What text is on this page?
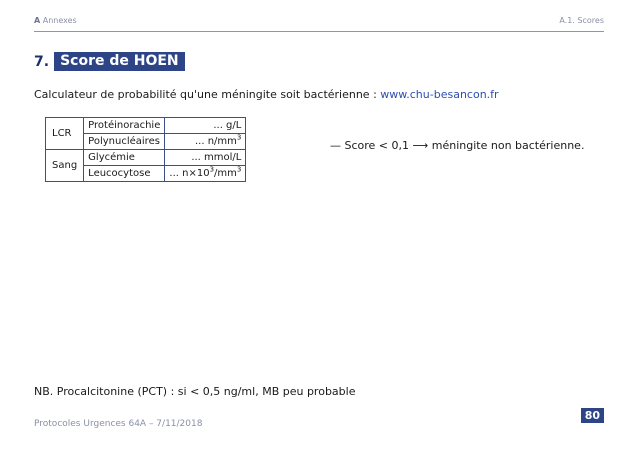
A Annexes	A.1. Scores
7. Score de HOEN
Calculateur de probabilité qu'une méningite soit bactérienne : www.chu-besancon.fr
LCR	Protéinorachie	... g/L
	Polynucléaires	... $n/mm^3$
Sang	Glycémie	... mmol/L
	Leucocytose	... $n\times 10^3/mm^3$
— Score < 0,1 ⟶ méningite non bactérienne.
NB. Procalcitonine (PCT) : si < 0,5 ng/ml, MB peu probable
Protocoles Urgences 64A – 7/11/2018
80
